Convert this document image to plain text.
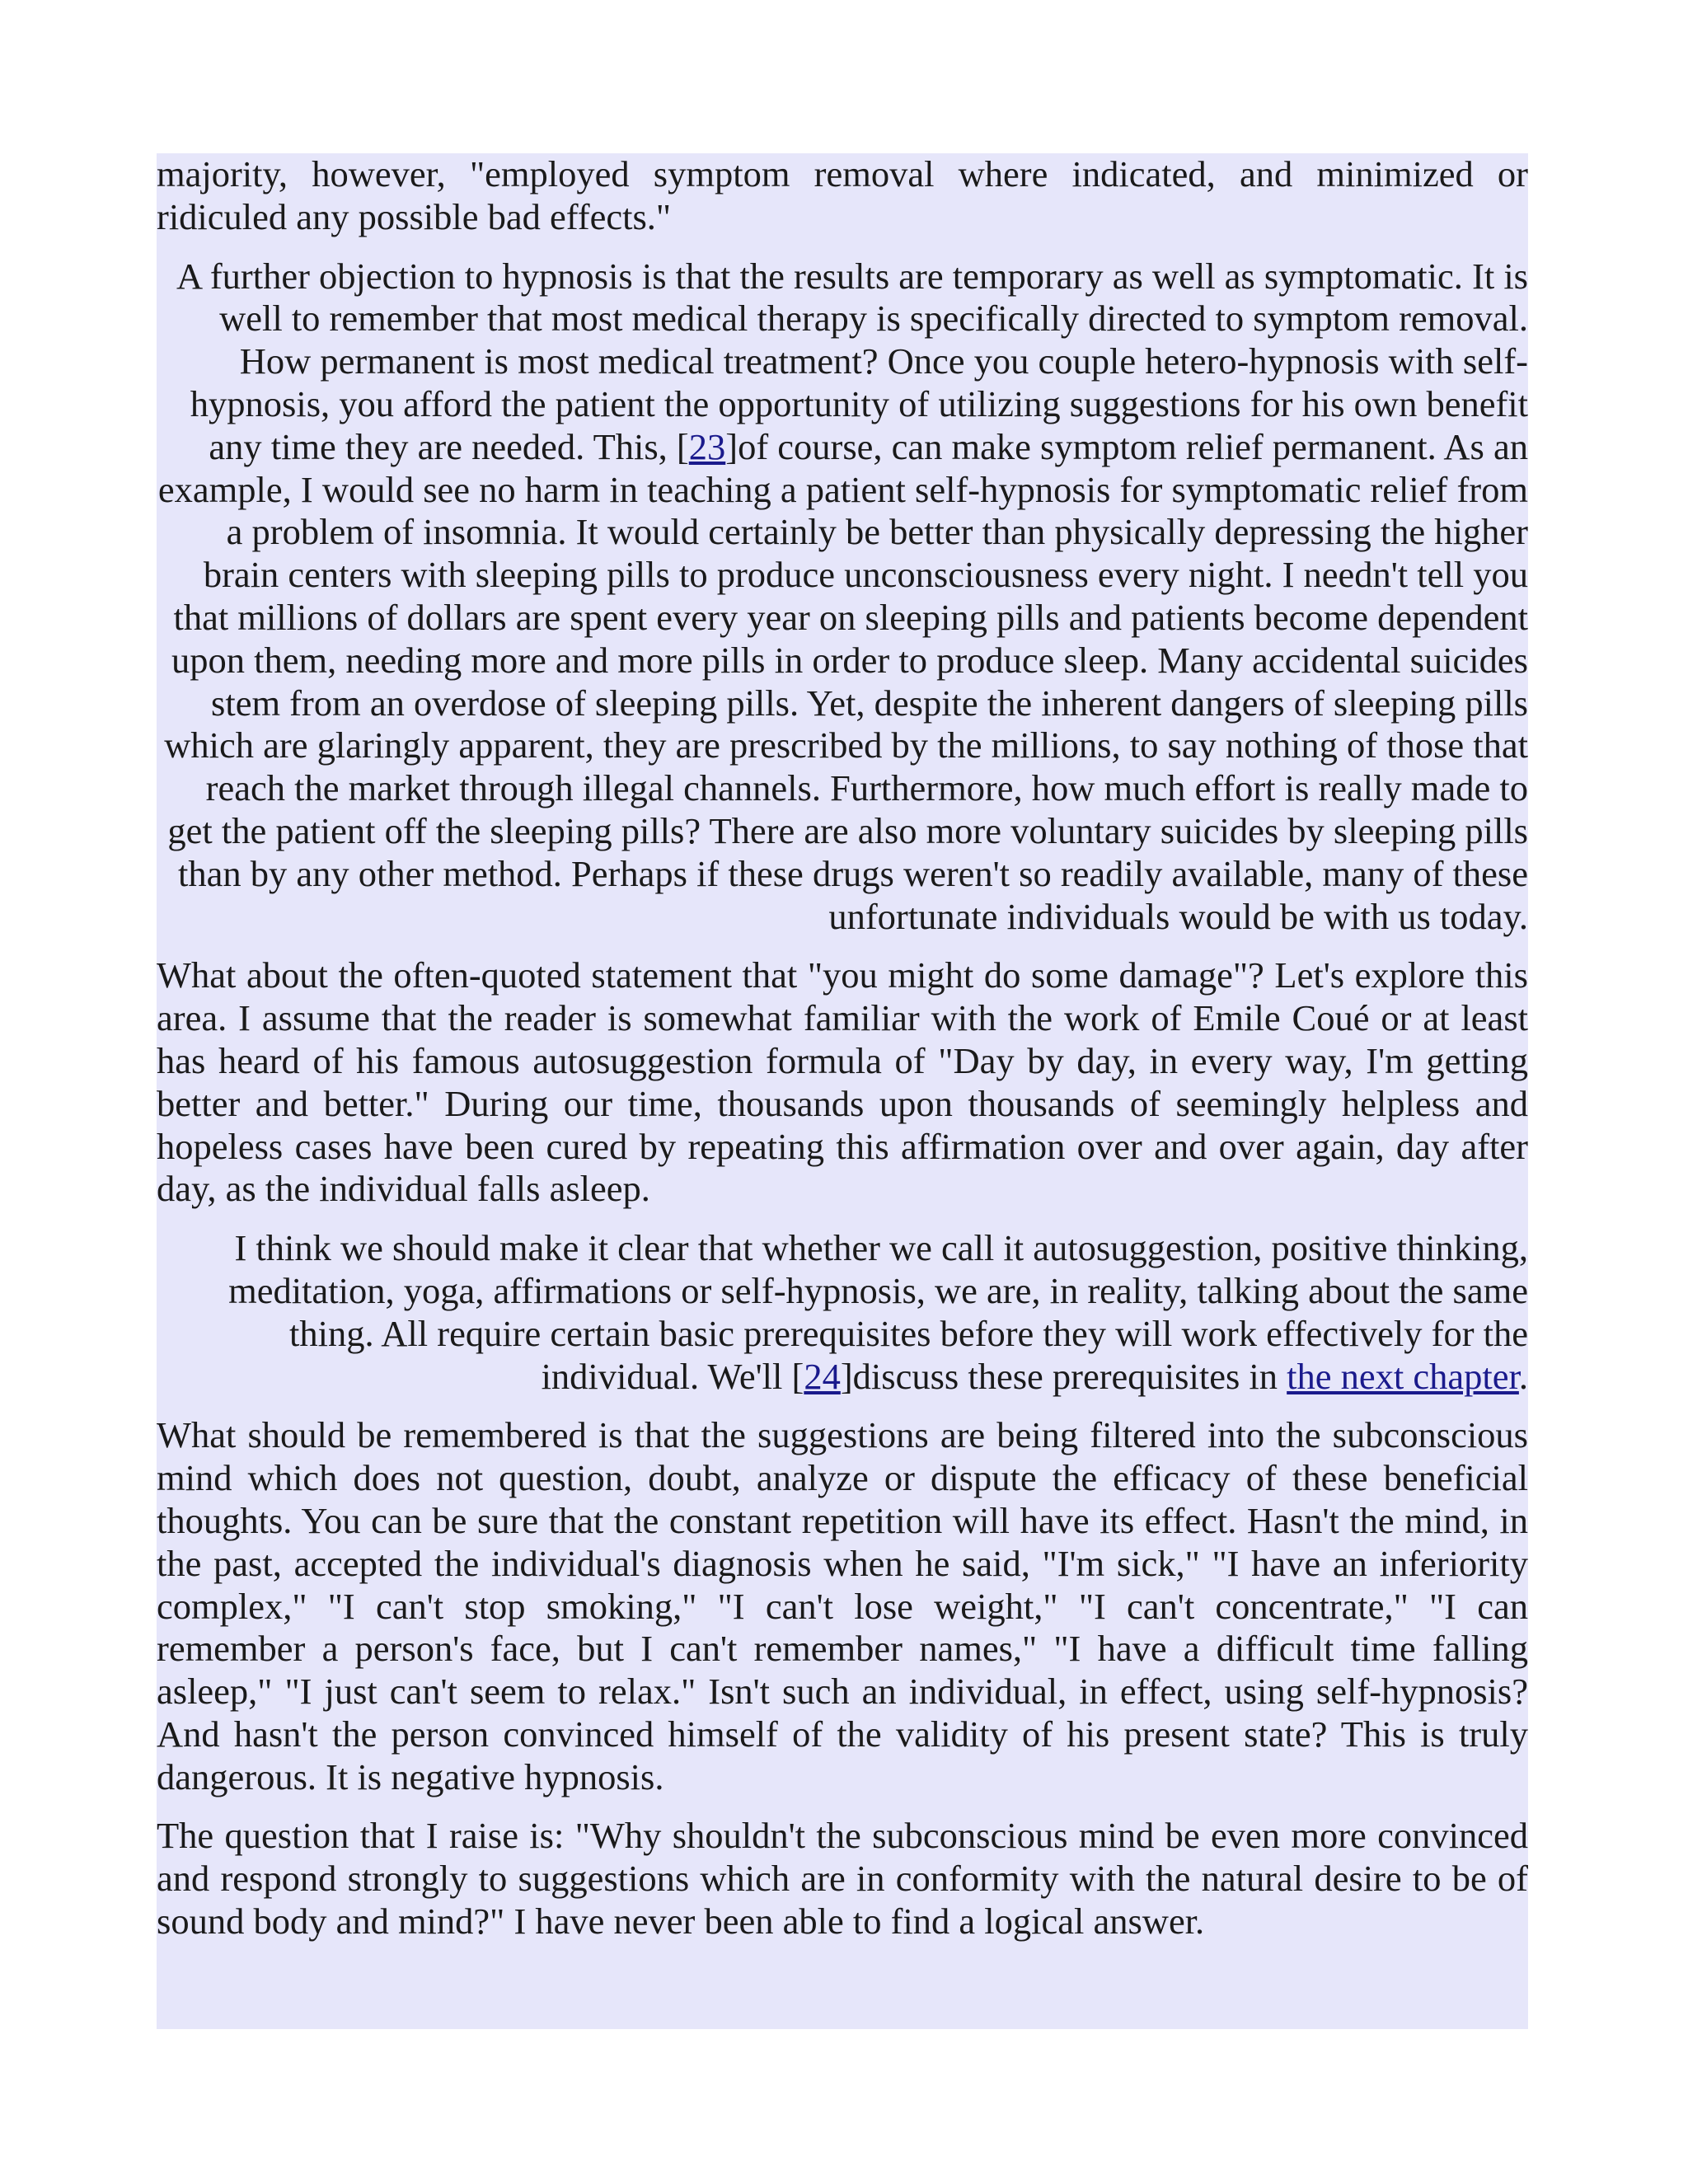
majority, however, "employed symptom removal where indicated, and minimized or ridiculed any possible bad effects."

A further objection to hypnosis is that the results are temporary as well as symptomatic. It is well to remember that most medical therapy is specifically directed to symptom removal. How permanent is most medical treatment? Once you couple hetero-hypnosis with self-hypnosis, you afford the patient the opportunity of utilizing suggestions for his own benefit any time they are needed. This, [23]of course, can make symptom relief permanent. As an example, I would see no harm in teaching a patient self-hypnosis for symptomatic relief from a problem of insomnia. It would certainly be better than physically depressing the higher brain centers with sleeping pills to produce unconsciousness every night. I needn't tell you that millions of dollars are spent every year on sleeping pills and patients become dependent upon them, needing more and more pills in order to produce sleep. Many accidental suicides stem from an overdose of sleeping pills. Yet, despite the inherent dangers of sleeping pills which are glaringly apparent, they are prescribed by the millions, to say nothing of those that reach the market through illegal channels. Furthermore, how much effort is really made to get the patient off the sleeping pills? There are also more voluntary suicides by sleeping pills than by any other method. Perhaps if these drugs weren't so readily available, many of these unfortunate individuals would be with us today.

What about the often-quoted statement that "you might do some damage"? Let's explore this area. I assume that the reader is somewhat familiar with the work of Emile Coué or at least has heard of his famous autosuggestion formula of "Day by day, in every way, I'm getting better and better." During our time, thousands upon thousands of seemingly helpless and hopeless cases have been cured by repeating this affirmation over and over again, day after day, as the individual falls asleep.

I think we should make it clear that whether we call it autosuggestion, positive thinking, meditation, yoga, affirmations or self-hypnosis, we are, in reality, talking about the same thing. All require certain basic prerequisites before they will work effectively for the individual. We'll [24]discuss these prerequisites in the next chapter.

What should be remembered is that the suggestions are being filtered into the subconscious mind which does not question, doubt, analyze or dispute the efficacy of these beneficial thoughts. You can be sure that the constant repetition will have its effect. Hasn't the mind, in the past, accepted the individual's diagnosis when he said, "I'm sick," "I have an inferiority complex," "I can't stop smoking," "I can't lose weight," "I can't concentrate," "I can remember a person's face, but I can't remember names," "I have a difficult time falling asleep," "I just can't seem to relax." Isn't such an individual, in effect, using self-hypnosis? And hasn't the person convinced himself of the validity of his present state? This is truly dangerous. It is negative hypnosis.

The question that I raise is: "Why shouldn't the subconscious mind be even more convinced and respond strongly to suggestions which are in conformity with the natural desire to be of sound body and mind?" I have never been able to find a logical answer.
